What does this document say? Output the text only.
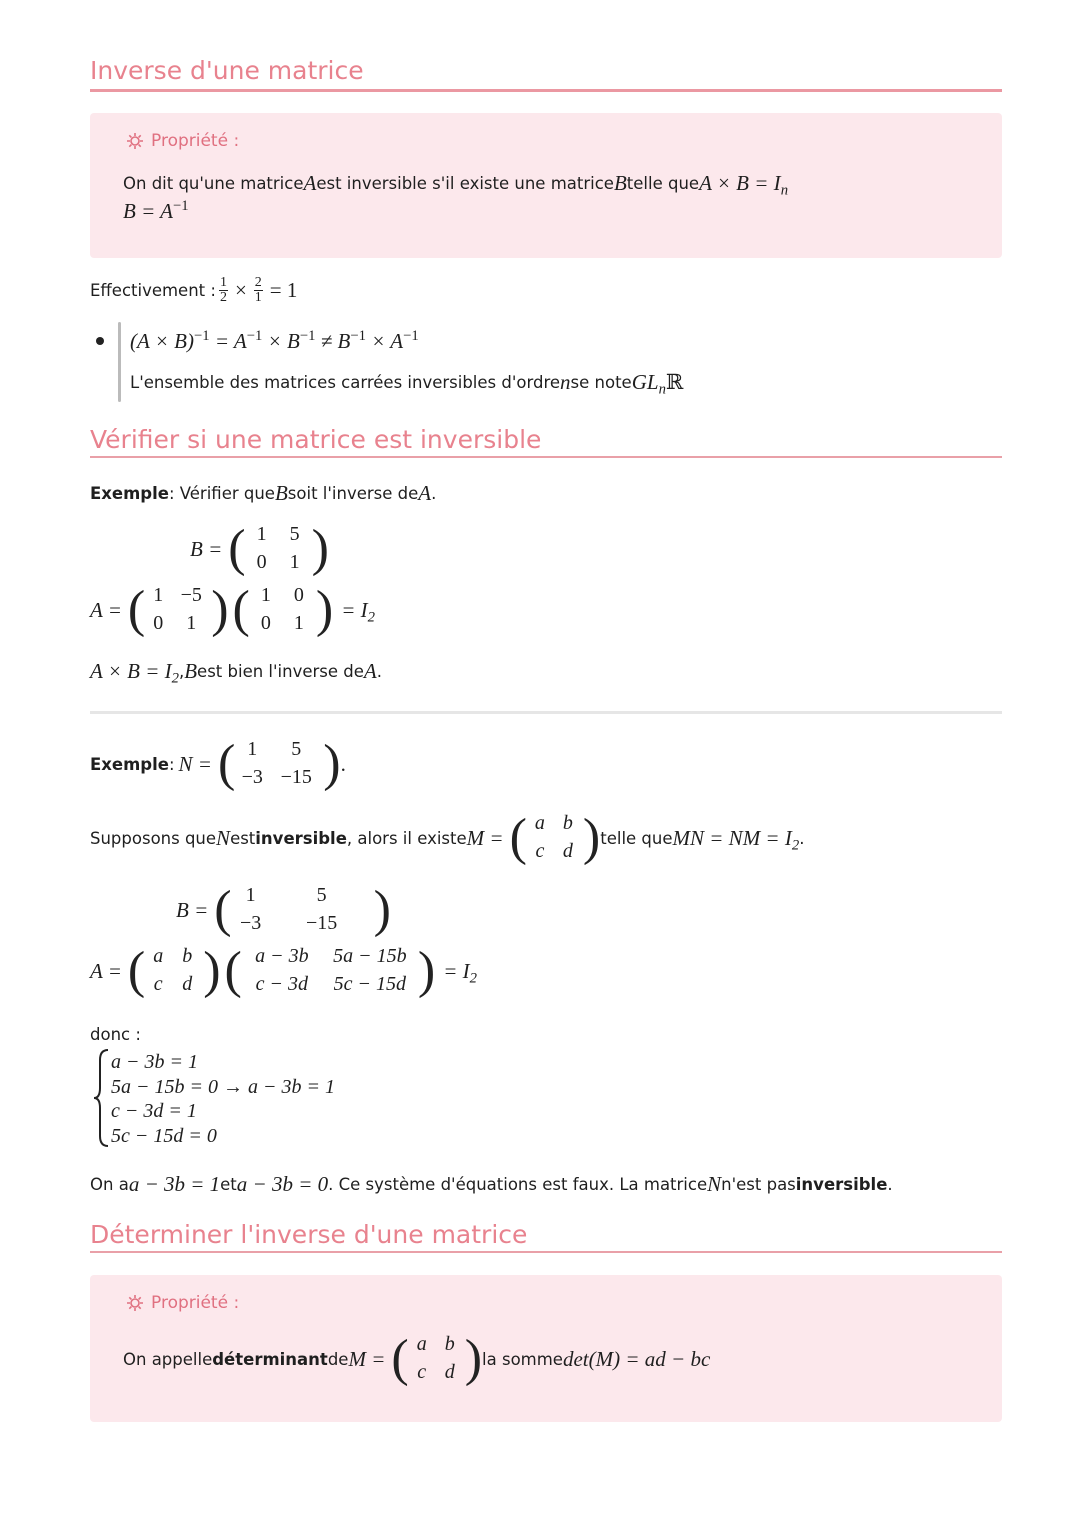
Inverse d'une matrice
Propriété :
On dit qu'une matrice A est inversible s'il existe une matrice B telle que $A \times B = I_n$
$B = A^{-1}$
Effectivement : $\frac{1}{2} \times \frac{2}{1} = 1$
$(A \times B)^{-1} = A^{-1} \times B^{-1} \ne B^{-1} \times A^{-1}$
L'ensemble des matrices carrées inversibles d'ordre n se note $GL_nℝ$
Vérifier si une matrice est inversible
Exemple : Vérifier que B soit l'inverse de A .
B = ( 1	5
0	1 )
A = ( 1 −5
0	1 ) ( 1	0
0	1 ) = $I_2$
$A \times B = I_2$ , B est bien l'inverse de A .
Exemple : N = ( 1	5
−3 −15 ) .
Supposons que N est inversible , alors il existe M = ( a b
c d ) telle que MN = NM = $I_2$ .
B = ( 1	5
−3	−15 )
A = ( a b
c d ) ( a − 3b	5a − 15b
c − 3d	5c − 15d ) = $I_2$
donc :
a − 3b = 1
5a − 15b = 0 → a − 3b = 1
c − 3d = 1
5c − 15d = 0
On a a − 3b = 1 et a − 3b = 0 . Ce système d'équations est faux. La matrice N n'est pas inversible .
Déterminer l'inverse d'une matrice
Propriété :
On appelle déterminant de M = ( a b
c d ) la somme det(M) = ad − bc
